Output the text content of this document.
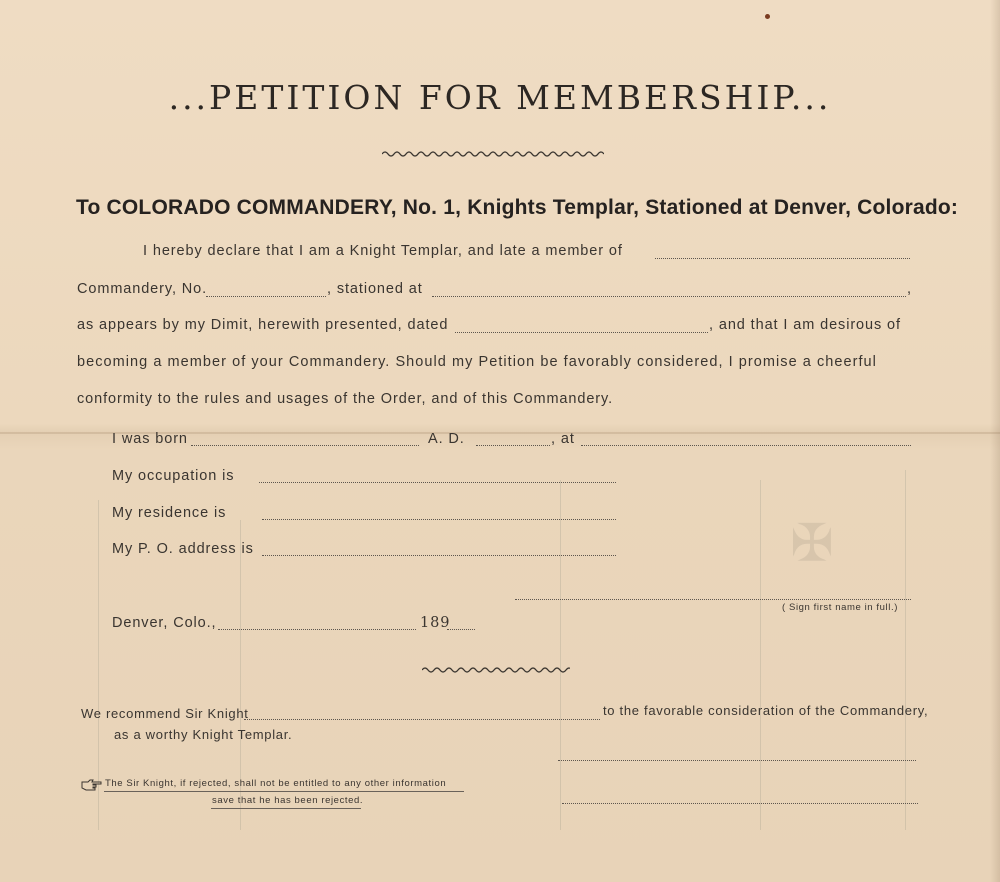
✠
...PETITION FOR MEMBERSHIP...
To COLORADO COMMANDERY, No. 1, Knights Templar, Stationed at Denver, Colorado:
I hereby declare that I am a Knight Templar, and late a member of
Commandery, No.	, stationed at	,
as appears by my Dimit, herewith presented, dated	, and that I am desirous of
becoming a member of your Commandery. Should my Petition be favorably considered, I promise a cheerful
conformity to the rules and usages of the Order, and of this Commandery.
I was born	A. D.	, at
My occupation is
My residence is
My P. O. address is
( Sign first name in full.)
Denver, Colo.,	189
We recommend Sir Knight	to the favorable consideration of the Commandery,
as a worthy Knight Templar.
The Sir Knight, if rejected, shall not be entitled to any other information
save that he has been rejected.
